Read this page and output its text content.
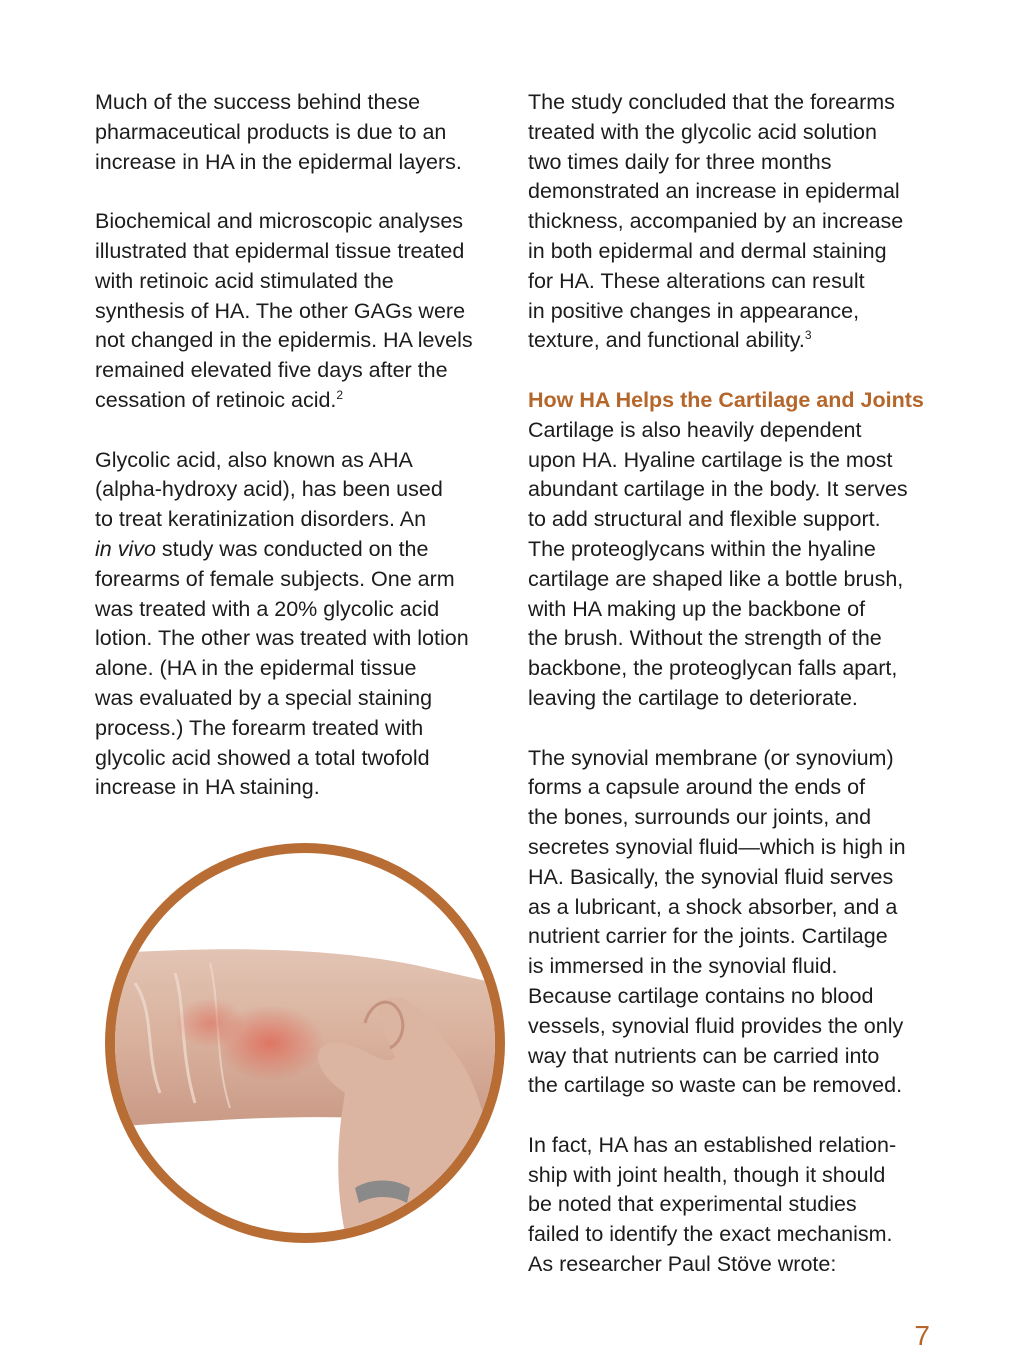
Much of the success behind these
pharmaceutical products is due to an
increase in HA in the epidermal layers.

Biochemical and microscopic analyses
illustrated that epidermal tissue treated
with retinoic acid stimulated the
synthesis of HA. The other GAGs were
not changed in the epidermis. HA levels
remained elevated five days after the
cessation of retinoic acid.$^2$

Glycolic acid, also known as AHA
(alpha-hydroxy acid), has been used
to treat keratinization disorders. An
in vivo study was conducted on the
forearms of female subjects. One arm
was treated with a 20% glycolic acid
lotion. The other was treated with lotion
alone. (HA in the epidermal tissue
was evaluated by a special staining
process.) The forearm treated with
glycolic acid showed a total twofold
increase in HA staining.

The study concluded that the forearms
treated with the glycolic acid solution
two times daily for three months
demonstrated an increase in epidermal
thickness, accompanied by an increase
in both epidermal and dermal staining
for HA. These alterations can result
in positive changes in appearance,
texture, and functional ability.$^3$

How HA Helps the Cartilage and Joints
Cartilage is also heavily dependent
upon HA. Hyaline cartilage is the most
abundant cartilage in the body. It serves
to add structural and flexible support.
The proteoglycans within the hyaline
cartilage are shaped like a bottle brush,
with HA making up the backbone of
the brush. Without the strength of the
backbone, the proteoglycan falls apart,
leaving the cartilage to deteriorate.

The synovial membrane (or synovium)
forms a capsule around the ends of
the bones, surrounds our joints, and
secretes synovial fluid—which is high in
HA. Basically, the synovial fluid serves
as a lubricant, a shock absorber, and a
nutrient carrier for the joints. Cartilage
is immersed in the synovial fluid.
Because cartilage contains no blood
vessels, synovial fluid provides the only
way that nutrients can be carried into
the cartilage so waste can be removed.

In fact, HA has an established relation-
ship with joint health, though it should
be noted that experimental studies
failed to identify the exact mechanism.
As researcher Paul Stöve wrote:

7
